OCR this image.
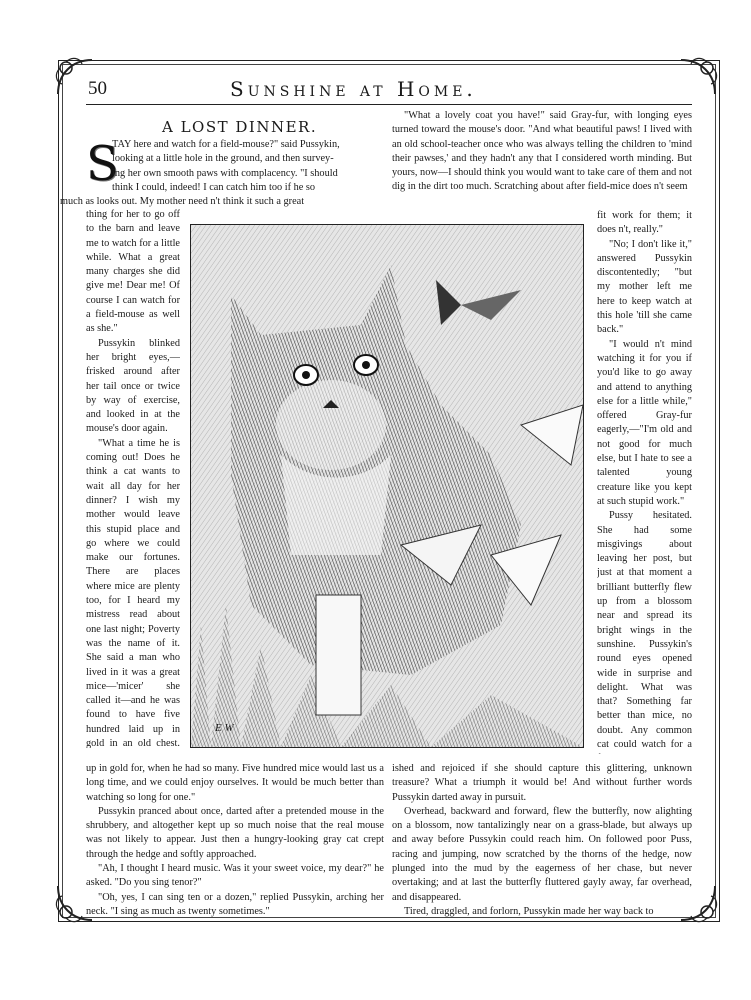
50	Sunshine at Home.
A LOST DINNER.
S
TAY here and watch for a field-mouse?" said Pussykin,
looking at a little hole in the ground, and then survey-
ing her own smooth paws with complacency. "I should
think I could, indeed! I can catch him too if he so
much as looks out. My mother need n't think it such a great

thing for her to go off to the barn and leave me to watch for a little while. What a great many charges she did give me! Dear me! Of course I can watch for a field-mouse as well as she."

Pussykin blinked her bright eyes,—frisked around after her tail once or twice by way of exercise, and looked in at the mouse's door again.

"What a time he is coming out! Does he think a cat wants to wait all day for her dinner? I wish my mother would leave this stupid place and go where we could make our fortunes. There are places where mice are plenty too, for I heard my mistress read about one last night; Poverty was the name of it. She said a man who lived in it was a great mice—'micer' she called it—and he was found to have five hundred laid up in gold in an old chest.

E W

up in gold for, when he had so many. Five hundred mice would last us a long time, and we could enjoy ourselves. It would be much better than watching so long for one."

Pussykin pranced about once, darted after a pretended mouse in the shrubbery, and altogether kept up so much noise that the real mouse was not likely to appear. Just then a hungry-looking gray cat crept through the hedge and softly approached.

"Ah, I thought I heard music. Was it your sweet voice, my dear?" he asked. "Do you sing tenor?"

"Oh, yes, I can sing ten or a dozen," replied Pussykin, arching her neck. "I sing as much as twenty sometimes."

"What a lovely coat you have!" said Gray-fur, with longing eyes turned toward the mouse's door. "And what beautiful paws! I lived with an old school-teacher once who was always telling the children to 'mind their pawses,' and they hadn't any that I considered worth minding. But yours, now—I should think you would want to take care of them and not dig in the dirt too much. Scratching about after field-mice does n't seem

fit work for them; it does n't, really."

"No; I don't like it," answered Pussykin discontentedly; "but my mother left me here to keep watch at this hole 'till she came back."

"I would n't mind watching it for you if you'd like to go away and attend to anything else for a little while," offered Gray-fur eagerly,—"I'm old and not good for much else, but I hate to see a talented young creature like you kept at such stupid work."

Pussy hesitated. She had some misgivings about leaving her post, but just at that moment a brilliant butterfly flew up from a blossom near and spread its bright wings in the sunshine. Pussykin's round eyes opened wide in surprise and delight. What was that? Something far better than mice, no doubt. Any common cat could watch for a

ished and rejoiced if she should capture this glittering, unknown treasure? What a triumph it would be! And without further words Pussykin darted away in pursuit.

Overhead, backward and forward, flew the butterfly, now alighting on a blossom, now tantalizingly near on a grass-blade, but always up and away before Pussykin could reach him. On followed poor Puss, racing and jumping, now scratched by the thorns of the hedge, now plunged into the mud by the eagerness of her chase, but never overtaking; and at last the butterfly fluttered gayly away, far overhead, and disappeared.

Tired, draggled, and forlorn, Pussykin made her way back to
